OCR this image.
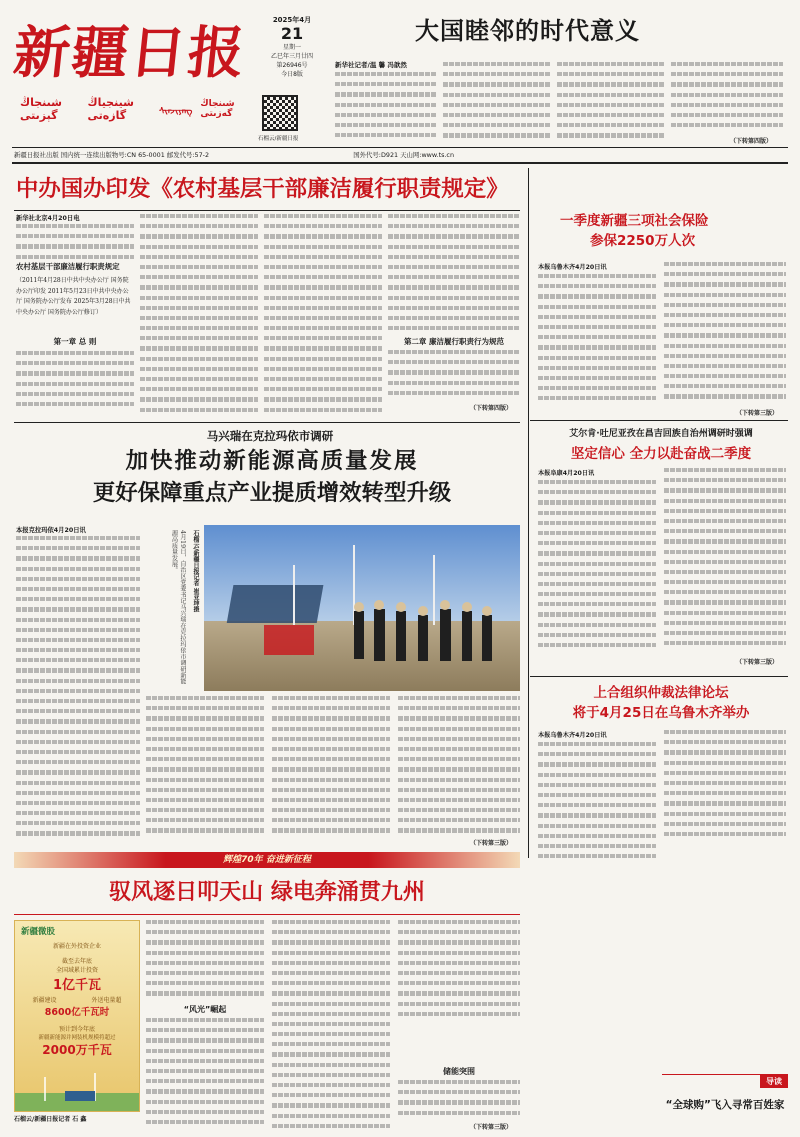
新
疆
日
报
شىنجاڭ گېزىتى
شينجياڭ گازەتى	ᠰᠢᠨᠵᠢᠶᠠᠩ
شىنجاڭ گەزىتى
2025年4月
21
星期一
乙巳年三月廿四
第26946号
今日8版
石榴云/新疆日报
新疆日报社出版 国内统一连续出版物号:CN 65-0001 邮发代号:57-2	国外代号:D921 天山网:www.ts.cn
大国睦邻的时代意义
新华社记者/温 馨 冯歆然
（下转第四版）
中办国办印发《农村基层干部廉洁履行职责规定》
新华社北京4月20日电
农村基层干部廉洁履行职责规定
（2011年4月28日中共中央办公厅 国务院办公厅印发 2011年5月23日中共中央办公厅 国务院办公厅发布 2025年3月28日中共中央办公厅 国务院办公厅修订）
第一章 总 则	第二章 廉洁履行职责行为规范
（下转第四版）
一季度新疆三项社会保险
参保2250万人次
本报乌鲁木齐4月20日讯
（下转第三版）
马兴瑞在克拉玛依市调研
加快推动新能源高质量发展
更好保障重点产业提质增效转型升级
本报克拉玛依4月20日讯	4月19日，自治区党委书记马兴瑞在克拉玛依市调研新能源高质量发展。	石榴云/新疆日报记者 崔亚坤摄
（下转第三版）
艾尔肯·吐尼亚孜在昌吉回族自治州调研时强调
坚定信心 全力以赴奋战二季度
本报阜康4月20日讯
（下转第三版）
上合组织仲裁法律论坛
将于4月25日在乌鲁木齐举办
本报乌鲁木齐4月20日讯
辉煌70年 奋进新征程
驭风逐日叩天山 绿电奔涌贯九州
新疆微股
新疆在外投资企业
截至去年底
全国域累计投资
1亿千瓦
新疆建设	外送电量超
8600亿千瓦时
预计到今年底
新疆新能源并网装机规模将超过
2000万千瓦
石榴云/新疆日报记者 石 鑫
“风光”崛起
储能突围
（下转第三版）
导读
“全球购”飞入寻常百姓家
